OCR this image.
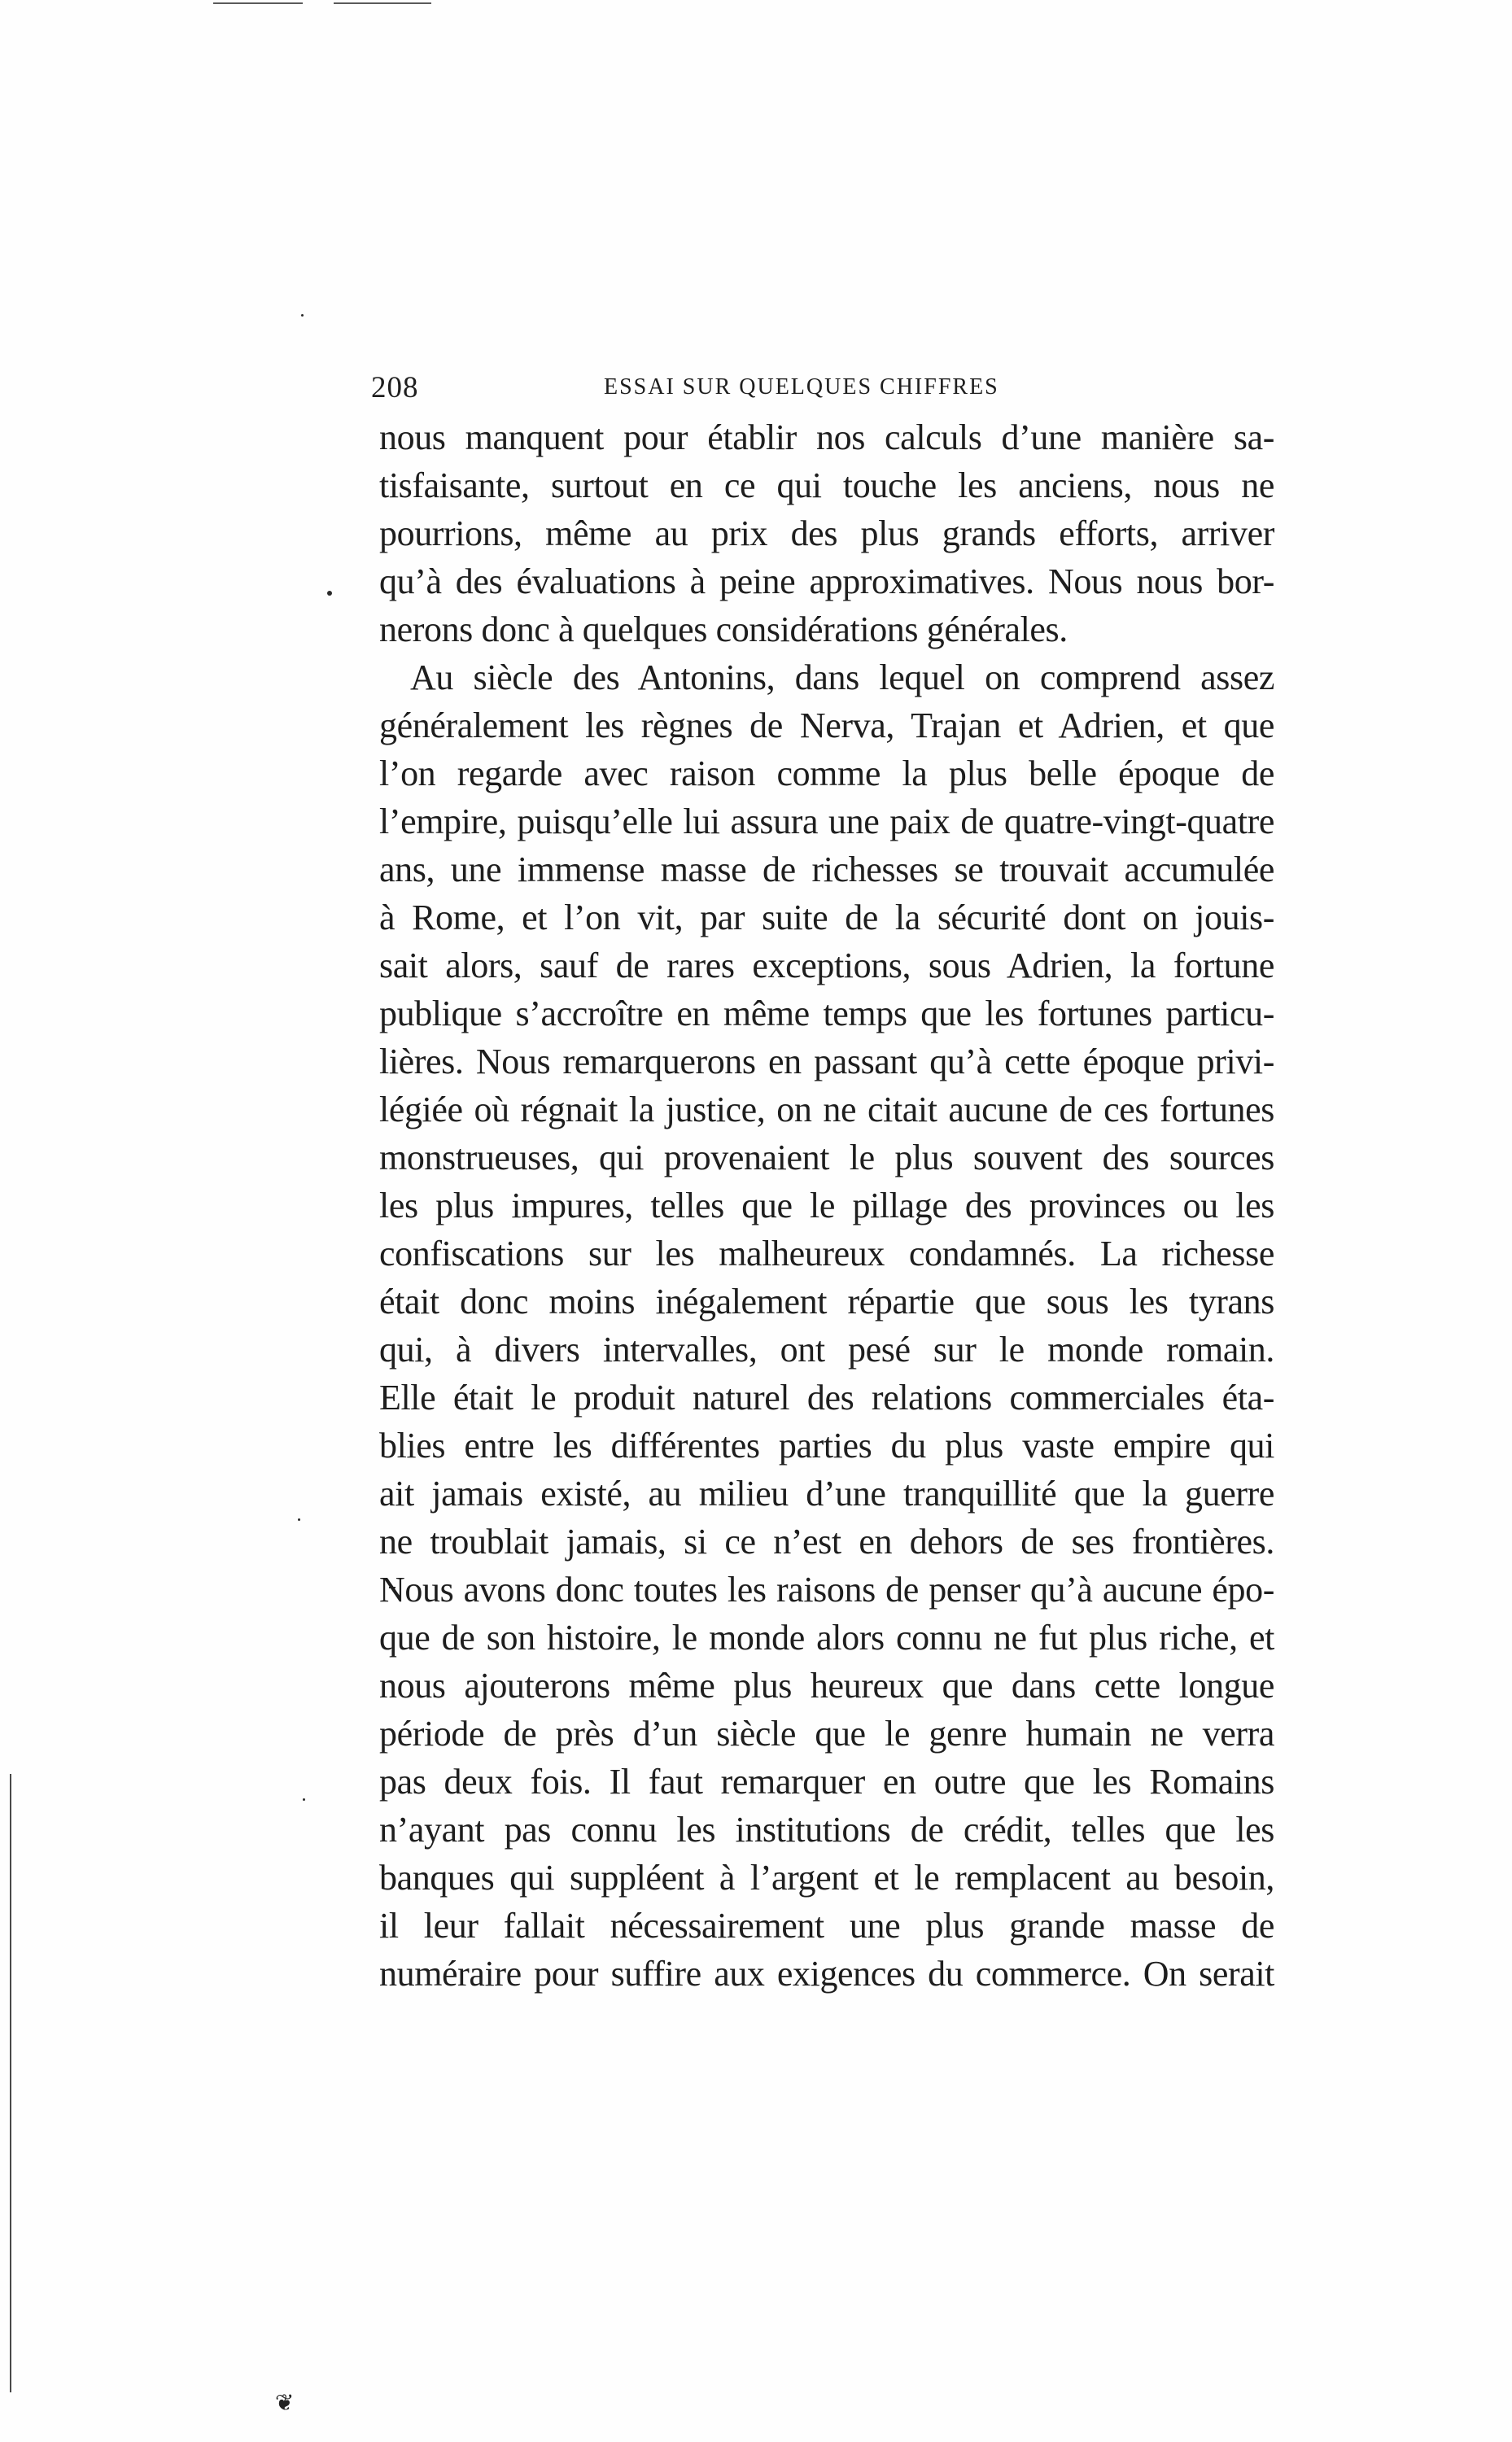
❦
208	ESSAI SUR QUELQUES CHIFFRES
nous manquent pour établir nos calculs d’une manière sa-
tisfaisante, surtout en ce qui touche les anciens, nous ne
pourrions, même au prix des plus grands efforts, arriver
qu’à des évaluations à peine approximatives. Nous nous bor-
nerons donc à quelques considérations générales.
Au siècle des Antonins, dans lequel on comprend assez
généralement les règnes de Nerva, Trajan et Adrien, et que
l’on regarde avec raison comme la plus belle époque de
l’empire, puisqu’elle lui assura une paix de quatre-vingt-quatre
ans, une immense masse de richesses se trouvait accumulée
à Rome, et l’on vit, par suite de la sécurité dont on jouis-
sait alors, sauf de rares exceptions, sous Adrien, la fortune
publique s’accroître en même temps que les fortunes particu-
lières. Nous remarquerons en passant qu’à cette époque privi-
légiée où régnait la justice, on ne citait aucune de ces fortunes
monstrueuses, qui provenaient le plus souvent des sources
les plus impures, telles que le pillage des provinces ou les
confiscations sur les malheureux condamnés. La richesse
était donc moins inégalement répartie que sous les tyrans
qui, à divers intervalles, ont pesé sur le monde romain.
Elle était le produit naturel des relations commerciales éta-
blies entre les différentes parties du plus vaste empire qui
ait jamais existé, au milieu d’une tranquillité que la guerre
ne troublait jamais, si ce n’est en dehors de ses frontières.
Nous avons donc toutes les raisons de penser qu’à aucune épo-
que de son histoire, le monde alors connu ne fut plus riche, et
nous ajouterons même plus heureux que dans cette longue
période de près d’un siècle que le genre humain ne verra
pas deux fois. Il faut remarquer en outre que les Romains
n’ayant pas connu les institutions de crédit, telles que les
banques qui suppléent à l’argent et le remplacent au besoin,
il leur fallait nécessairement une plus grande masse de
numéraire pour suffire aux exigences du commerce. On serait
